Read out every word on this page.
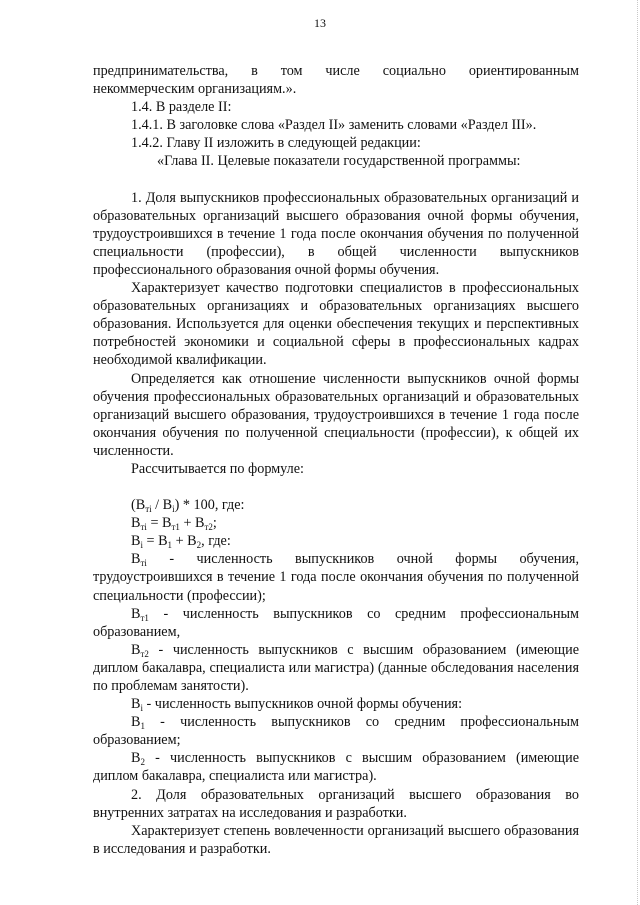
13

предпринимательства, в том числе социально ориентированным некоммерческим организациям.».

1.4. В разделе II:

1.4.1. В заголовке слова «Раздел II» заменить словами «Раздел III».

1.4.2. Главу II изложить в следующей редакции:

«Глава II. Целевые показатели государственной программы:

1. Доля выпускников профессиональных образовательных организаций и образовательных организаций высшего образования очной формы обучения, трудоустроившихся в течение 1 года после окончания обучения по полученной специальности (профессии), в общей численности выпускников профессионального образования очной формы обучения.

Характеризует качество подготовки специалистов в профессиональных образовательных организациях и образовательных организациях высшего образования. Используется для оценки обеспечения текущих и перспективных потребностей экономики и социальной сферы в профессиональных кадрах необходимой квалификации.

Определяется как отношение численности выпускников очной формы обучения профессиональных образовательных организаций и образовательных организаций высшего образования, трудоустроившихся в течение 1 года после окончания обучения по полученной специальности (профессии), к общей их численности.

Рассчитывается по формуле:

$(B_{тi} / B_i) * 100$, где:

$B_{тi} = B_{т1} + B_{т2}$;

$B_i = B_1 + B_2$, где:

$B_{тi}$ - численность выпускников очной формы обучения, трудоустроившихся в течение 1 года после окончания обучения по полученной специальности (профессии);

$B_{т1}$ - численность выпускников со средним профессиональным образованием,

$B_{т2}$ - численность выпускников с высшим образованием (имеющие диплом бакалавра, специалиста или магистра) (данные обследования населения по проблемам занятости).

$B_i$ - численность выпускников очной формы обучения:

$B_1$ - численность выпускников со средним профессиональным образованием;

$B_2$ - численность выпускников с высшим образованием (имеющие диплом бакалавра, специалиста или магистра).

2. Доля образовательных организаций высшего образования во внутренних затратах на исследования и разработки.

Характеризует степень вовлеченности организаций высшего образования в исследования и разработки.
